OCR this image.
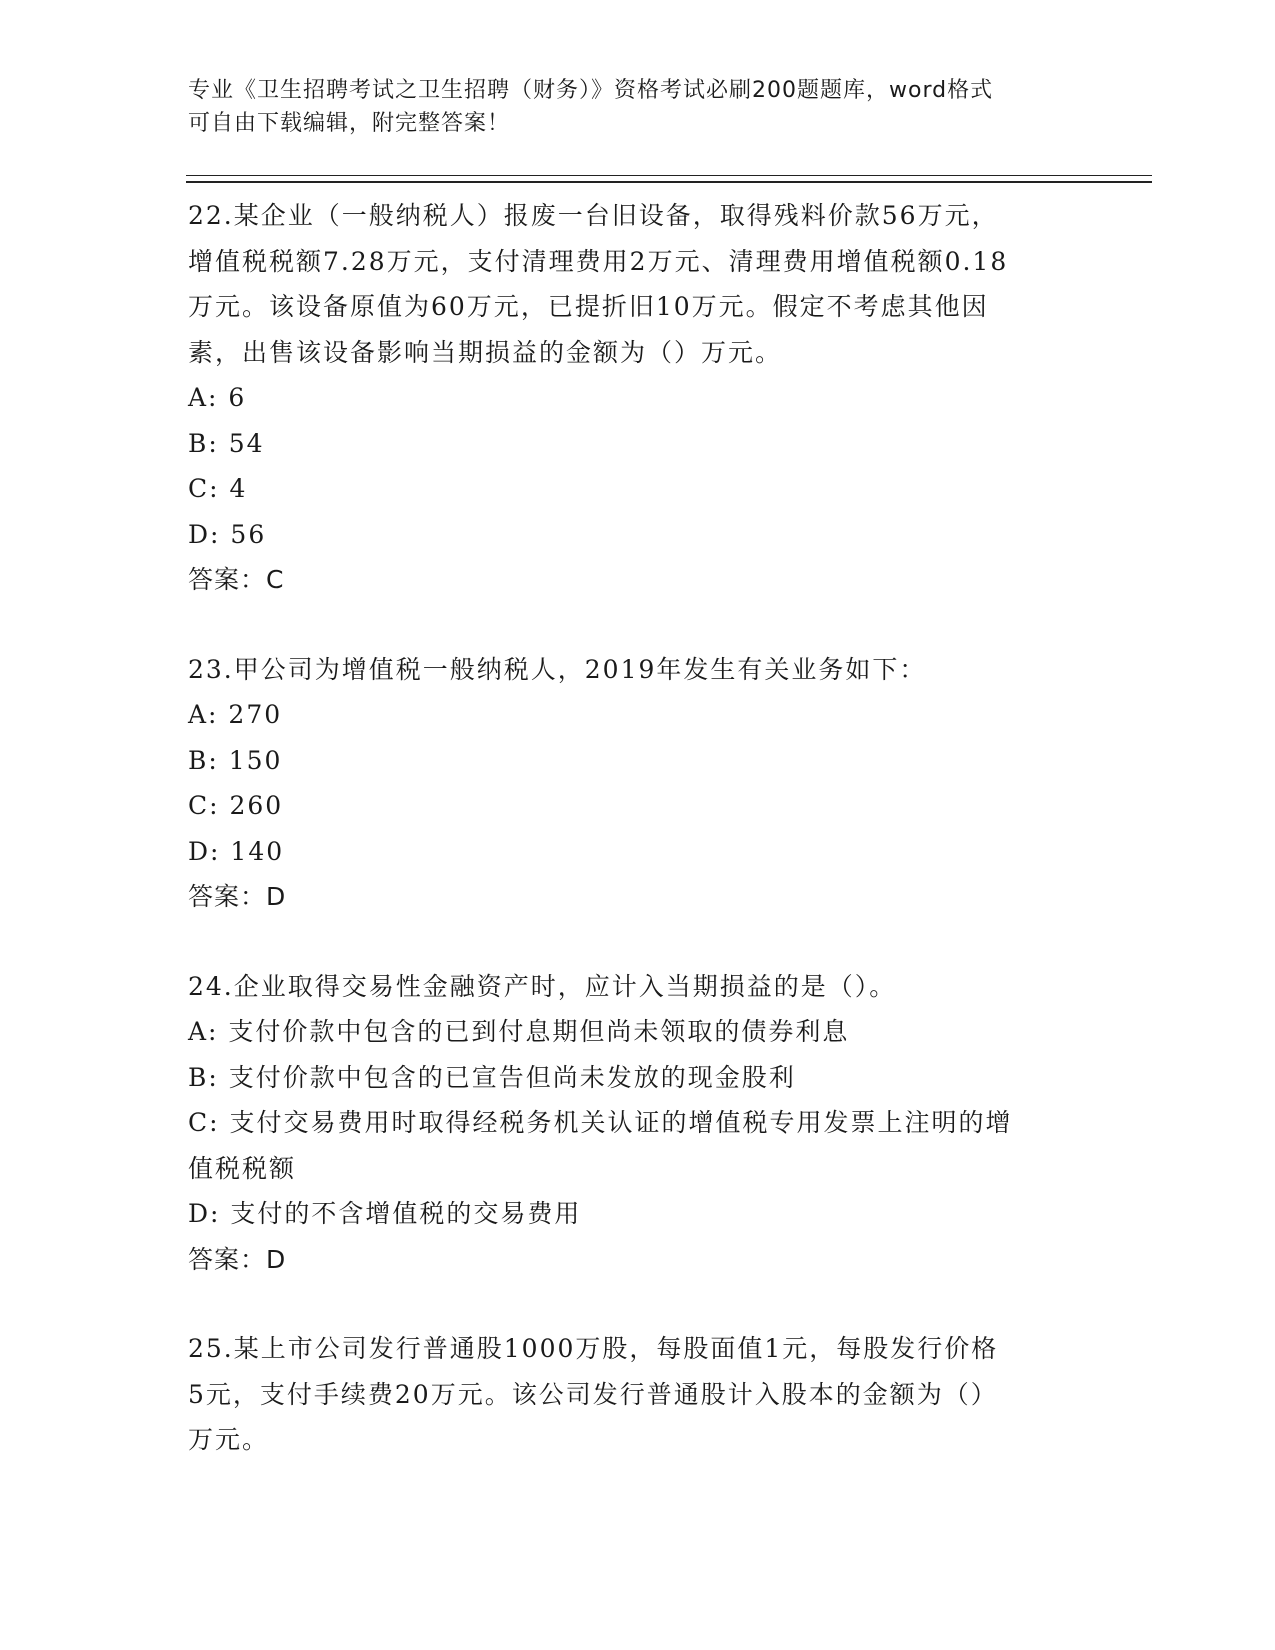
专业《卫生招聘考试之卫生招聘（财务）》资格考试必刷200题题库，word格式
可自由下载编辑，附完整答案！
22.某企业（一般纳税人）报废一台旧设备，取得残料价款56万元，
增值税税额7.28万元，支付清理费用2万元、清理费用增值税额0.18
万元。该设备原值为60万元，已提折旧10万元。假定不考虑其他因
素，出售该设备影响当期损益的金额为（）万元。
A: 6
B: 54
C: 4
D: 56
答案：C
23.甲公司为增值税一般纳税人，2019年发生有关业务如下：
A: 270
B: 150
C: 260
D: 140
答案：D
24.企业取得交易性金融资产时，应计入当期损益的是（）。
A: 支付价款中包含的已到付息期但尚未领取的债券利息
B: 支付价款中包含的已宣告但尚未发放的现金股利
C: 支付交易费用时取得经税务机关认证的增值税专用发票上注明的增
值税税额
D: 支付的不含增值税的交易费用
答案：D
25.某上市公司发行普通股1000万股，每股面值1元，每股发行价格
5元，支付手续费20万元。该公司发行普通股计入股本的金额为（）
万元。
